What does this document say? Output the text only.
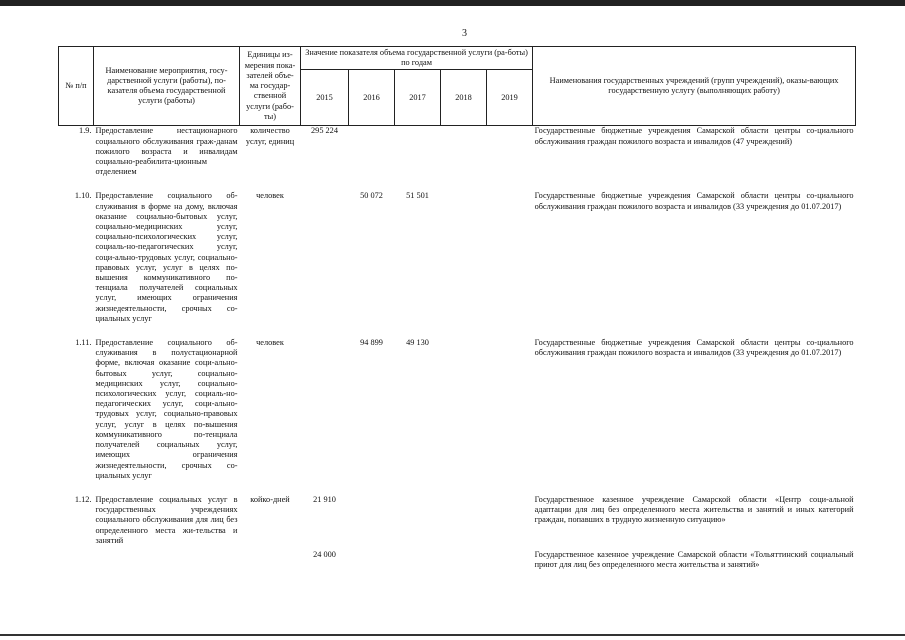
3
№ п/п	Наименование мероприятия, госу-дарственной услуги (работы), по-казателя объема государственной услуги (работы)	Единицы из-мерения пока-зателей объе-ма государ-ственной услуги (рабо-ты)	Значение показателя объема государственной услуги (ра-боты) по годам					Наименования государственных учреждений (групп учреждений), оказы-вающих государственную услугу (выполняющих работу)
			2015	2016	2017	2018	2019	
1.9.	Предоставление нестационарного социального обслуживания граж-данам пожилого возраста и инвалидам социально-реабилита-ционным отделением	количество услуг, единиц	295 224					Государственные бюджетные учреждения Самарской области центры со-циального обслуживания граждан пожилого возраста и инвалидов (47 учреждений)
1.10.	Предоставление социального об-служивания в форме на дому, включая оказание социально-бытовых услуг, социально-медицинских услуг, социально-психологических услуг, социаль-но-педагогических услуг, соци-ально-трудовых услуг, социально-правовых услуг, услуг в целях по-вышения коммуникативного по-тенциала получателей социальных услуг, имеющих ограничения жизнедеятельности, срочных со-циальных услуг	человек		50 072	51 501			Государственные бюджетные учреждения Самарской области центры со-циального обслуживания граждан пожилого возраста и инвалидов (33 учреждения до 01.07.2017)
1.11.	Предоставление социального об-служивания в полустационарной форме, включая оказание соци-ально-бытовых услуг, социально-медицинских услуг, социально-психологических услуг, социаль-но-педагогических услуг, соци-ально-трудовых услуг, социально-правовых услуг, услуг в целях по-вышения коммуникативного по-тенциала получателей социальных услуг, имеющих ограничения жизнедеятельности, срочных со-циальных услуг	человек		94 899	49 130			Государственные бюджетные учреждения Самарской области центры со-циального обслуживания граждан пожилого возраста и инвалидов (33 учреждения до 01.07.2017)
1.12.	Предоставление социальных услуг в государственных учреждениях социального обслуживания для лиц без определенного места жи-тельства и занятий	койко-дней	21 910					Государственное казенное учреждение Самарской области «Центр соци-альной адаптации для лиц без определенного места жительства и занятий и иных категорий граждан, попавших в трудную жизненную ситуацию»
			24 000					Государственное казенное учреждение Самарской области «Тольяттинский социальный приют для лиц без определенного места жительства и занятий»
